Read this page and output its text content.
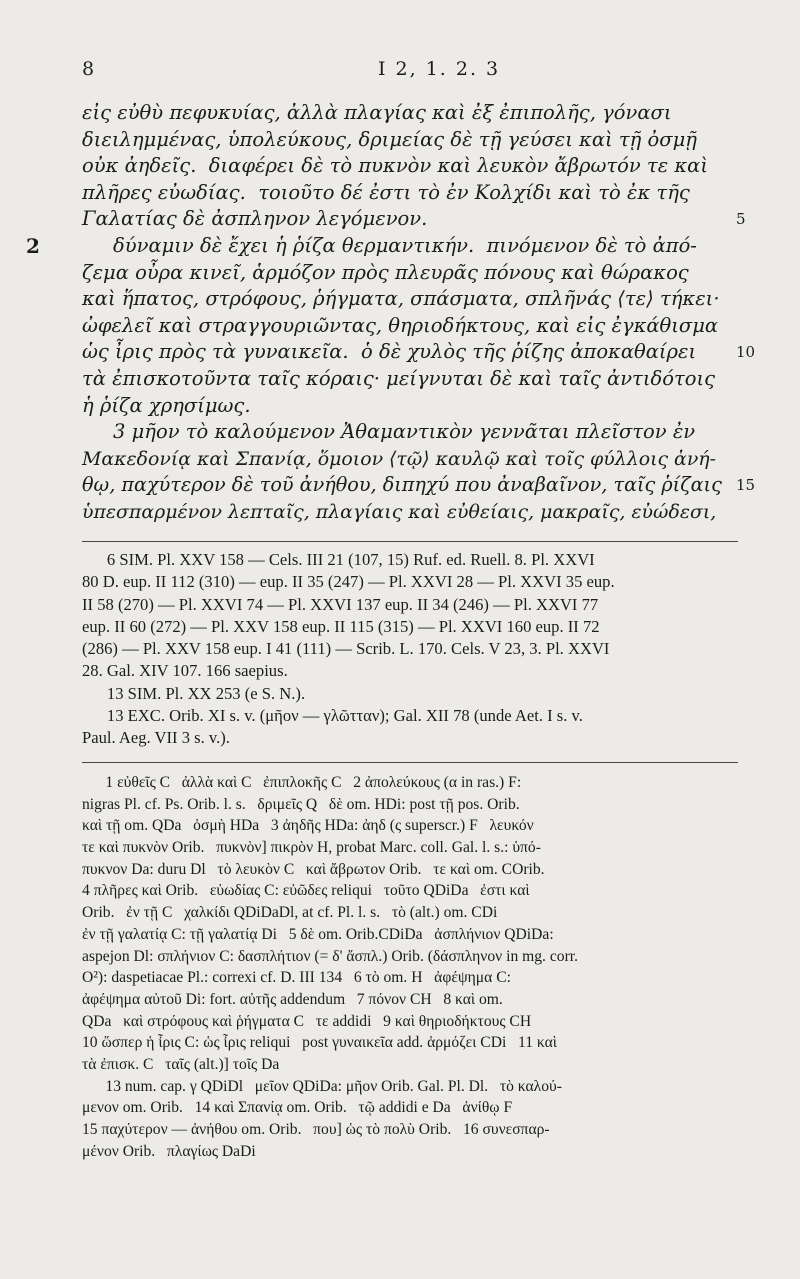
8	I 2, 1. 2. 3
εἰς εὐθὺ πεφυκυίας, ἀλλὰ πλαγίας καὶ ἐξ ἐπιπολῆς, γόνασι
διειλημμένας, ὑπολεύκους, δριμείας δὲ τῇ γεύσει καὶ τῇ ὀσμῇ
οὐκ ἀηδεῖς.  διαφέρει δὲ τὸ πυκνὸν καὶ λευκὸν ἄβρωτόν τε καὶ
πλῆρες εὐωδίας.  τοιοῦτο δέ ἐστι τὸ ἐν Κολχίδι καὶ τὸ ἐκ τῆς
Γαλατίας δὲ ἀσπληνον λεγόμενον.	5
δύναμιν δὲ ἔχει ἡ ῥίζα θερμαντικήν.  πινόμενον δὲ τὸ ἀπό-
2
ζεμα οὖρα κινεῖ, ἁρμόζον πρὸς πλευρᾶς πόνους καὶ θώρακος
καὶ ἥπατος, στρόφους, ῥήγματα, σπάσματα, σπλῆνάς ⟨τε⟩ τήκει·
ὠφελεῖ καὶ στραγγουριῶντας, θηριοδήκτους, καὶ εἰς ἐγκάθισμα
ὡς ἶρις πρὸς τὰ γυναικεῖα.  ὁ δὲ χυλὸς τῆς ῥίζης ἀποκαθαίρει	10
τὰ ἐπισκοτοῦντα ταῖς κόραις· μείγνυται δὲ καὶ ταῖς ἀντιδότοις
ἡ ῥίζα χρησίμως.
3 μῆον τὸ καλούμενον Ἀθαμαντικὸν γεννᾶται πλεῖστον ἐν
Μακεδονίᾳ καὶ Σπανίᾳ, ὅμοιον ⟨τῷ⟩ καυλῷ καὶ τοῖς φύλλοις ἀνή-
θῳ, παχύτερον δὲ τοῦ ἀνήθου, διπηχύ που ἀναβαῖνον, ταῖς ῥίζαις 15
ὑπεσπαρμένον λεπταῖς, πλαγίαις καὶ εὐθείαις, μακραῖς, εὐώδεσι,
6 SIM. Pl. XXV 158 — Cels. III 21 (107, 15) Ruf. ed. Ruell. 8. Pl. XXVI
80 D. eup. II 112 (310) — eup. II 35 (247) — Pl. XXVI 28 — Pl. XXVI 35 eup.
II 58 (270) — Pl. XXVI 74 — Pl. XXVI 137 eup. II 34 (246) — Pl. XXVI 77
eup. II 60 (272) — Pl. XXV 158 eup. II 115 (315) — Pl. XXVI 160 eup. II 72
(286) — Pl. XXV 158 eup. I 41 (111) — Scrib. L. 170. Cels. V 23, 3. Pl. XXVI
28. Gal. XIV 107. 166 saepius.
13 SIM. Pl. XX 253 (e S. N.).
13 EXC. Orib. XI s. v. (μῆον — γλῶτταν); Gal. XII 78 (unde Aet. I s. v.
Paul. Aeg. VII 3 s. v.).
1 εὐθεῖς C   ἀλλὰ καὶ C   ἐπιπλοκῆς C   2 ἀπολεύκους (α in ras.) F:
nigras Pl. cf. Ps. Orib. l. s.   δριμεῖς Q   δὲ om. HDi: post τῇ pos. Orib.
καὶ τῇ om. QDa   ὀσμὴ HDa   3 ἀηδῆς HDa: ἀηδ (ς superscr.) F   λευκόν
τε καὶ πυκνὸν Orib.   πυκνὸν] πικρὸν H, probat Marc. coll. Gal. l. s.: ὑπό-
πυκνον Da: duru Dl   τὸ λευκὸν C   καὶ ἄβρωτον Orib.   τε καὶ om. COrib.
4 πλῆρες καὶ Orib.   εὐωδίας C: εὐῶδες reliqui   τοῦτο QDiDa   ἐστι καὶ
Orib.   ἐν τῇ C   χαλκίδι QDiDaDl, at cf. Pl. l. s.   τὸ (alt.) om. CDi
ἐν τῇ γαλατίᾳ C: τῇ γαλατίᾳ Di   5 δὲ om. Orib.CDiDa   ἀσπλήνιον QDiDa:
aspejon Dl: σπλήνιον C: δασπλήτιον (= δ' ἄσπλ.) Orib. (δάσπληνον in mg. corr.
O²): daspetiacae Pl.: correxi cf. D. III 134   6 τὸ om. H   ἀφέψημα C:
ἀφέψημα αὐτοῦ Di: fort. αὐτῆς addendum   7 πόνον CH   8 καὶ om.
QDa   καὶ στρόφους καὶ ῥήγματα C   τε addidi   9 καὶ θηριοδήκτους CH
10 ὥσπερ ἡ ἶρις C: ὡς ἶρις reliqui   post γυναικεῖα add. ἁρμόζει CDi   11 καὶ
τὰ ἐπισκ. C   ταῖς (alt.)] τοῖς Da
13 num. cap. γ QDiDl   μεῖον QDiDa: μῆον Orib. Gal. Pl. Dl.   τὸ καλού-
μενον om. Orib.   14 καὶ Σπανίᾳ om. Orib.   τῷ addidi e Da   ἀνίθῳ F
15 παχύτερον — ἀνήθου om. Orib.   που] ὡς τὸ πολὺ Orib.   16 συνεσπαρ-
μένον Orib.   πλαγίως DaDi
